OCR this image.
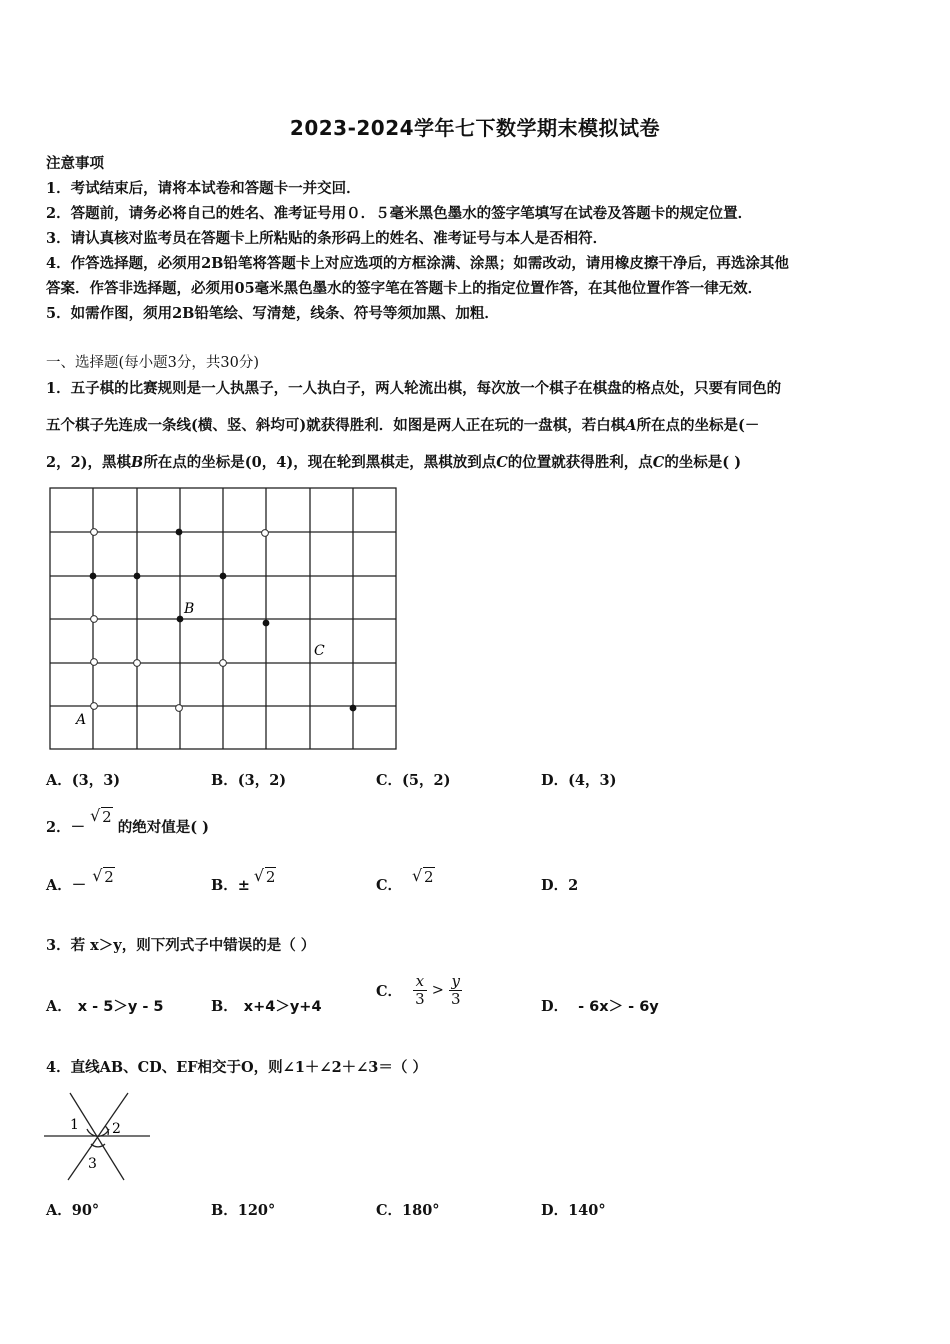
2023-2024学年七下数学期末模拟试卷
注意事项
1．考试结束后，请将本试卷和答题卡一并交回．
2．答题前，请务必将自己的姓名、准考证号用０．５毫米黑色墨水的签字笔填写在试卷及答题卡的规定位置．
3．请认真核对监考员在答题卡上所粘贴的条形码上的姓名、准考证号与本人是否相符．
4．作答选择题，必须用2B铅笔将答题卡上对应选项的方框涂满、涂黑；如需改动，请用橡皮擦干净后，再选涂其他
答案．作答非选择题，必须用05毫米黑色墨水的签字笔在答题卡上的指定位置作答，在其他位置作答一律无效．
5．如需作图，须用2B铅笔绘、写清楚，线条、符号等须加黑、加粗．
一、选择题(每小题3分，共30分)
1．五子棋的比赛规则是一人执黑子，一人执白子，两人轮流出棋，每次放一个棋子在棋盘的格点处，只要有同色的
五个棋子先连成一条线(横、竖、斜均可)就获得胜利．如图是两人正在玩的一盘棋，若白棋A所在点的坐标是(－
2，2)，黑棋B所在点的坐标是(0，4)，现在轮到黑棋走，黑棋放到点C的位置就获得胜利，点C的坐标是( )
B
C
A
A．(3，3)	B．(3，2)	C．(5，2)	D．(4，3)
2．－
√ 2 的绝对值是( )
A．－
√ 2	B．±
√ 2	C．
√ 2	D．2
3．若 x＞y，则下列式子中错误的是（ ）
A． x - 5＞y - 5	B． x+4＞y+4
C． $\frac{x}{3} > \frac{y}{3}$	D． - 6x＞ - 6y
4．直线AB、CD、EF相交于O，则∠1＋∠2＋∠3＝（ ）
1 2
3
A．90°	B．120°	C．180°	D．140°
